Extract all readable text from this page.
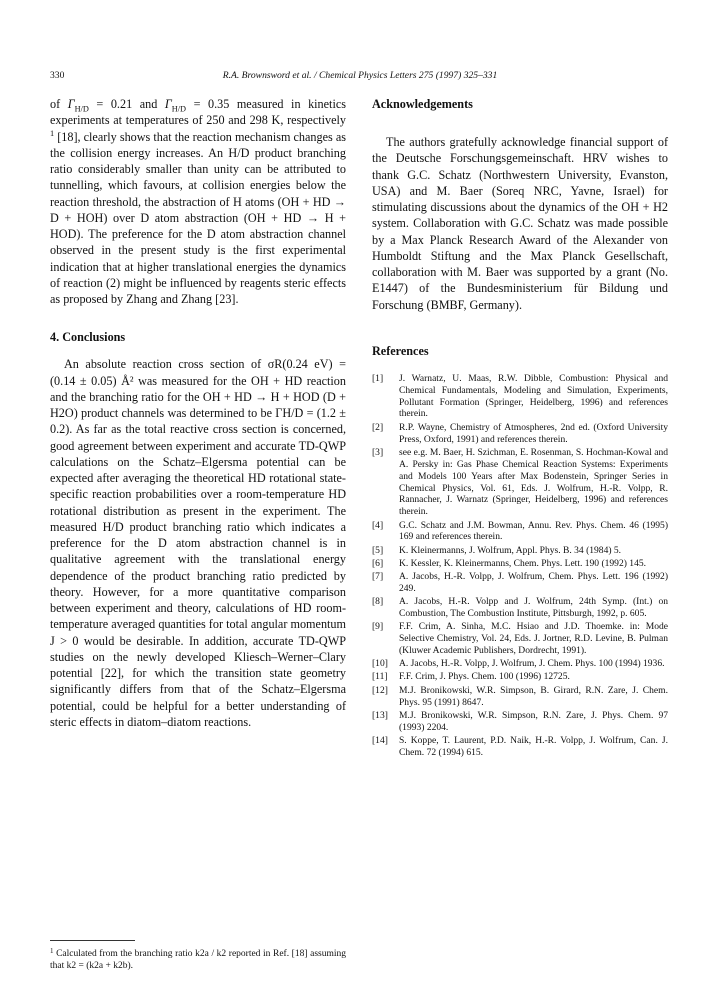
330	R.A. Brownsword et al. / Chemical Physics Letters 275 (1997) 325–331

of $\Gamma_{H/D} = 0.21$ and $\Gamma_{H/D} = 0.35$ measured in kinetics experiments at temperatures of 250 and 298 K, respectively $^1$ [18], clearly shows that the reaction mechanism changes as the collision energy increases. An H/D product branching ratio considerably smaller than unity can be attributed to tunnelling, which favours, at collision energies below the reaction threshold, the abstraction of H atoms (OH + HD → D + HOH) over D atom abstraction (OH + HD → H + HOD). The preference for the D atom abstraction channel observed in the present study is the first experimental indication that at higher translational energies the dynamics of reaction (2) might be influenced by reagents steric effects as proposed by Zhang and Zhang [23].

4. Conclusions

An absolute reaction cross section of σR(0.24 eV) = (0.14 ± 0.05) Å² was measured for the OH + HD reaction and the branching ratio for the OH + HD → H + HOD (D + H2O) product channels was determined to be ΓH/D = (1.2 ± 0.2). As far as the total reactive cross section is concerned, good agreement between experiment and accurate TD-QWP calculations on the Schatz–Elgersma potential can be expected after averaging the theoretical HD rotational state-specific reaction probabilities over a room-temperature HD rotational distribution as present in the experiment. The measured H/D product branching ratio which indicates a preference for the D atom abstraction channel is in qualitative agreement with the translational energy dependence of the product branching ratio predicted by theory. However, for a more quantitative comparison between experiment and theory, calculations of HD room-temperature averaged quantities for total angular momentum J > 0 would be desirable. In addition, accurate TD-QWP studies on the newly developed Kliesch–Werner–Clary potential [22], for which the transition state geometry significantly differs from that of the Schatz–Elgersma potential, could be helpful for a better understanding of steric effects in diatom–diatom reactions.

$^1$ Calculated from the branching ratio k2a / k2 reported in Ref. [18] assuming that k2 = (k2a + k2b).

Acknowledgements

The authors gratefully acknowledge financial support of the Deutsche Forschungsgemeinschaft. HRV wishes to thank G.C. Schatz (Northwestern University, Evanston, USA) and M. Baer (Soreq NRC, Yavne, Israel) for stimulating discussions about the dynamics of the OH + H2 system. Collaboration with G.C. Schatz was made possible by a Max Planck Research Award of the Alexander von Humboldt Stiftung and the Max Planck Gesellschaft, collaboration with M. Baer was supported by a grant (No. E1447) of the Bundesministerium für Bildung und Forschung (BMBF, Germany).

References
[1] J. Warnatz, U. Maas, R.W. Dibble, Combustion: Physical and Chemical Fundamentals, Modeling and Simulation, Experiments, Pollutant Formation (Springer, Heidelberg, 1996) and references therein.
[2] R.P. Wayne, Chemistry of Atmospheres, 2nd ed. (Oxford University Press, Oxford, 1991) and references therein.
[3] see e.g. M. Baer, H. Szichman, E. Rosenman, S. Hochman-Kowal and A. Persky in: Gas Phase Chemical Reaction Systems: Experiments and Models 100 Years after Max Bodenstein, Springer Series in Chemical Physics, Vol. 61, Eds. J. Wolfrum, H.-R. Volpp, R. Rannacher, J. Warnatz (Springer, Heidelberg, 1996) and references therein.
[4] G.C. Schatz and J.M. Bowman, Annu. Rev. Phys. Chem. 46 (1995) 169 and references therein.
[5] K. Kleinermanns, J. Wolfrum, Appl. Phys. B. 34 (1984) 5.
[6] K. Kessler, K. Kleinermanns, Chem. Phys. Lett. 190 (1992) 145.
[7] A. Jacobs, H.-R. Volpp, J. Wolfrum, Chem. Phys. Lett. 196 (1992) 249.
[8] A. Jacobs, H.-R. Volpp and J. Wolfrum, 24th Symp. (Int.) on Combustion, The Combustion Institute, Pittsburgh, 1992, p. 605.
[9] F.F. Crim, A. Sinha, M.C. Hsiao and J.D. Thoemke. in: Mode Selective Chemistry, Vol. 24, Eds. J. Jortner, R.D. Levine, B. Pulman (Kluwer Academic Publishers, Dordrecht, 1991).
[10] A. Jacobs, H.-R. Volpp, J. Wolfrum, J. Chem. Phys. 100 (1994) 1936.
[11] F.F. Crim, J. Phys. Chem. 100 (1996) 12725.
[12] M.J. Bronikowski, W.R. Simpson, B. Girard, R.N. Zare, J. Chem. Phys. 95 (1991) 8647.
[13] M.J. Bronikowski, W.R. Simpson, R.N. Zare, J. Phys. Chem. 97 (1993) 2204.
[14] S. Koppe, T. Laurent, P.D. Naik, H.-R. Volpp, J. Wolfrum, Can. J. Chem. 72 (1994) 615.
